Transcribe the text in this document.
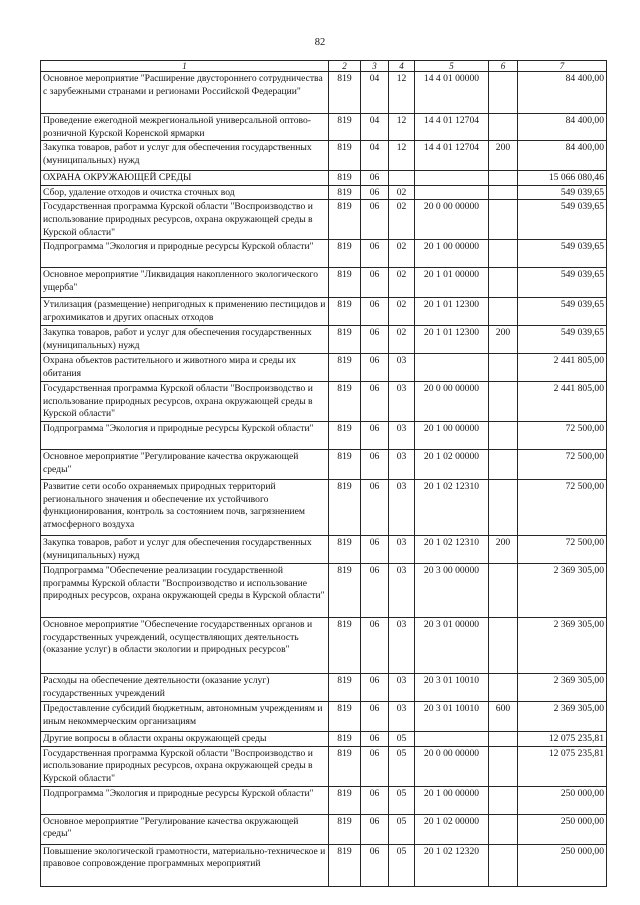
82
1	2	3	4	5	6	7
Основное мероприятие "Расширение двустороннего сотрудничества с зарубежными странами и регионами Российской Федерации"	819	04	12	14 4 01 00000		84 400,00
Проведение ежегодной межрегиональной универсальной оптово-розничной Курской Коренской ярмарки	819	04	12	14 4 01 12704		84 400,00
Закупка товаров, работ и услуг для обеспечения государственных (муниципальных) нужд	819	04	12	14 4 01 12704	200	84 400,00
ОХРАНА ОКРУЖАЮЩЕЙ СРЕДЫ	819	06				15 066 080,46
Сбор, удаление отходов и очистка сточных вод	819	06	02			549 039,65
Государственная программа Курской области "Воспроизводство и использование природных ресурсов, охрана окружающей среды в Курской области"	819	06	02	20 0 00 00000		549 039,65
Подпрограмма "Экология и природные ресурсы Курской области"	819	06	02	20 1 00 00000		549 039,65
Основное мероприятие "Ликвидация накопленного экологического ущерба"	819	06	02	20 1 01 00000		549 039,65
Утилизация (размещение) непригодных к применению пестицидов и агрохимикатов и других опасных отходов	819	06	02	20 1 01 12300		549 039,65
Закупка товаров, работ и услуг для обеспечения государственных (муниципальных) нужд	819	06	02	20 1 01 12300	200	549 039,65
Охрана объектов растительного и животного мира и среды их обитания	819	06	03			2 441 805,00
Государственная программа Курской области "Воспроизводство и использование природных ресурсов, охрана окружающей среды в Курской области"	819	06	03	20 0 00 00000		2 441 805,00
Подпрограмма "Экология и природные ресурсы Курской области"	819	06	03	20 1 00 00000		72 500,00
Основное мероприятие "Регулирование качества окружающей среды"	819	06	03	20 1 02 00000		72 500,00
Развитие сети особо охраняемых природных территорий регионального значения и обеспечение их устойчивого функционирования, контроль за состоянием почв, загрязнением атмосферного воздуха	819	06	03	20 1 02 12310		72 500,00
Закупка товаров, работ и услуг для обеспечения государственных (муниципальных) нужд	819	06	03	20 1 02 12310	200	72 500,00
Подпрограмма "Обеспечение реализации государственной программы Курской области "Воспроизводство и использование природных ресурсов, охрана окружающей среды в Курской области"	819	06	03	20 3 00 00000		2 369 305,00
Основное мероприятие "Обеспечение государственных органов и государственных учреждений, осуществляющих деятельность (оказание услуг) в области экологии и природных ресурсов"	819	06	03	20 3 01 00000		2 369 305,00
Расходы на обеспечение деятельности (оказание услуг) государственных учреждений	819	06	03	20 3 01 10010		2 369 305,00
Предоставление субсидий бюджетным, автономным учреждениям и иным некоммерческим организациям	819	06	03	20 3 01 10010	600	2 369 305,00
Другие вопросы в области охраны окружающей среды	819	06	05			12 075 235,81
Государственная программа Курской области "Воспроизводство и использование природных ресурсов, охрана окружающей среды в Курской области"	819	06	05	20 0 00 00000		12 075 235,81
Подпрограмма "Экология и природные ресурсы Курской области"	819	06	05	20 1 00 00000		250 000,00
Основное мероприятие "Регулирование качества окружающей среды"	819	06	05	20 1 02 00000		250 000,00
Повышение экологической грамотности, материально-техническое и правовое сопровождение программных мероприятий	819	06	05	20 1 02 12320		250 000,00
